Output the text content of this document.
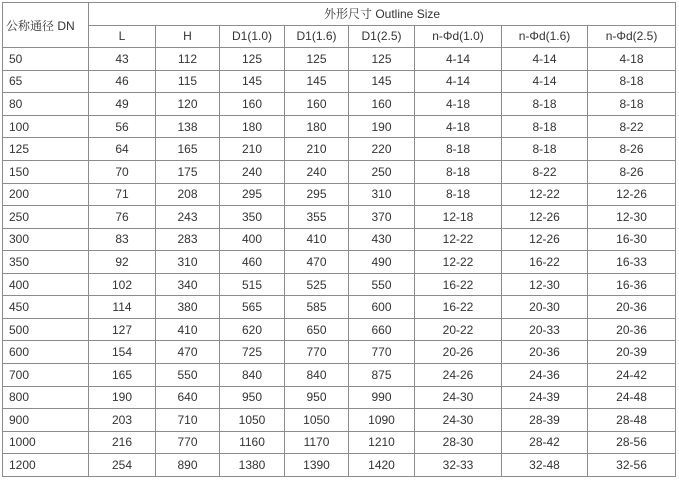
公称通径 DN	外形尺寸 Outline Size							
	L	H	D1(1.0)	D1(1.6)	D1(2.5)	n-Φd(1.0)	n-Φd(1.6)	n-Φd(2.5)
50	43	112	125	125	125	4-14	4-14	4-18
65	46	115	145	145	145	4-14	4-14	8-18
80	49	120	160	160	160	4-18	8-18	8-18
100	56	138	180	180	190	4-18	8-18	8-22
125	64	165	210	210	220	8-18	8-18	8-26
150	70	175	240	240	250	8-18	8-22	8-26
200	71	208	295	295	310	8-18	12-22	12-26
250	76	243	350	355	370	12-18	12-26	12-30
300	83	283	400	410	430	12-22	12-26	16-30
350	92	310	460	470	490	12-22	16-22	16-33
400	102	340	515	525	550	16-22	12-30	16-36
450	114	380	565	585	600	16-22	20-30	20-36
500	127	410	620	650	660	20-22	20-33	20-36
600	154	470	725	770	770	20-26	20-36	20-39
700	165	550	840	840	875	24-26	24-36	24-42
800	190	640	950	950	990	24-30	24-39	24-48
900	203	710	1050	1050	1090	24-30	28-39	28-48
1000	216	770	1160	1170	1210	28-30	28-42	28-56
1200	254	890	1380	1390	1420	32-33	32-48	32-56
